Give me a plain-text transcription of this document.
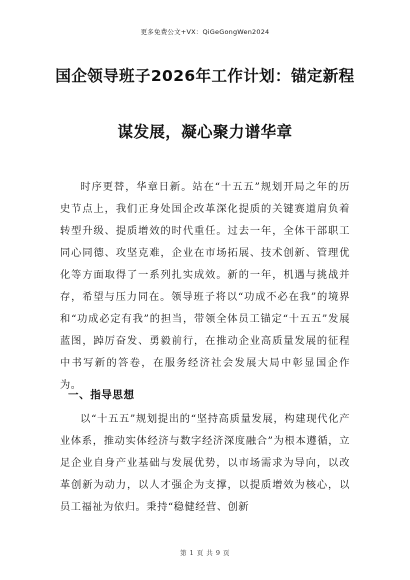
更多免费公文+VX：QiGeGongWen2024
国企领导班子2026年工作计划：锚定新程
谋发展，凝心聚力谱华章
时序更替，华章日新。站在“十五五”规划开局之年的历史节点上，我们正身处国企改革深化提质的关键赛道肩负着转型升级、提质增效的时代重任。过去一年，全体干部职工同心同德、攻坚克难，企业在市场拓展、技术创新、管理优化等方面取得了一系列扎实成效。新的一年，机遇与挑战并存，希望与压力同在。领导班子将以“功成不必在我”的境界和“功成必定有我”的担当，带领全体员工锚定“十五五”发展蓝图，踔厉奋发、勇毅前行，在推动企业高质量发展的征程中书写新的答卷，在服务经济社会发展大局中彰显国企作为。
一、指导思想
以“十五五”规划提出的“坚持高质量发展，构建现代化产业体系，推动实体经济与数字经济深度融合”为根本遵循，立足企业自身产业基础与发展优势，以市场需求为导向，以改革创新为动力，以人才强企为支撑，以提质增效为核心，以员工福祉为依归。秉持“稳健经营、创新
第 1 页 共 9 页
